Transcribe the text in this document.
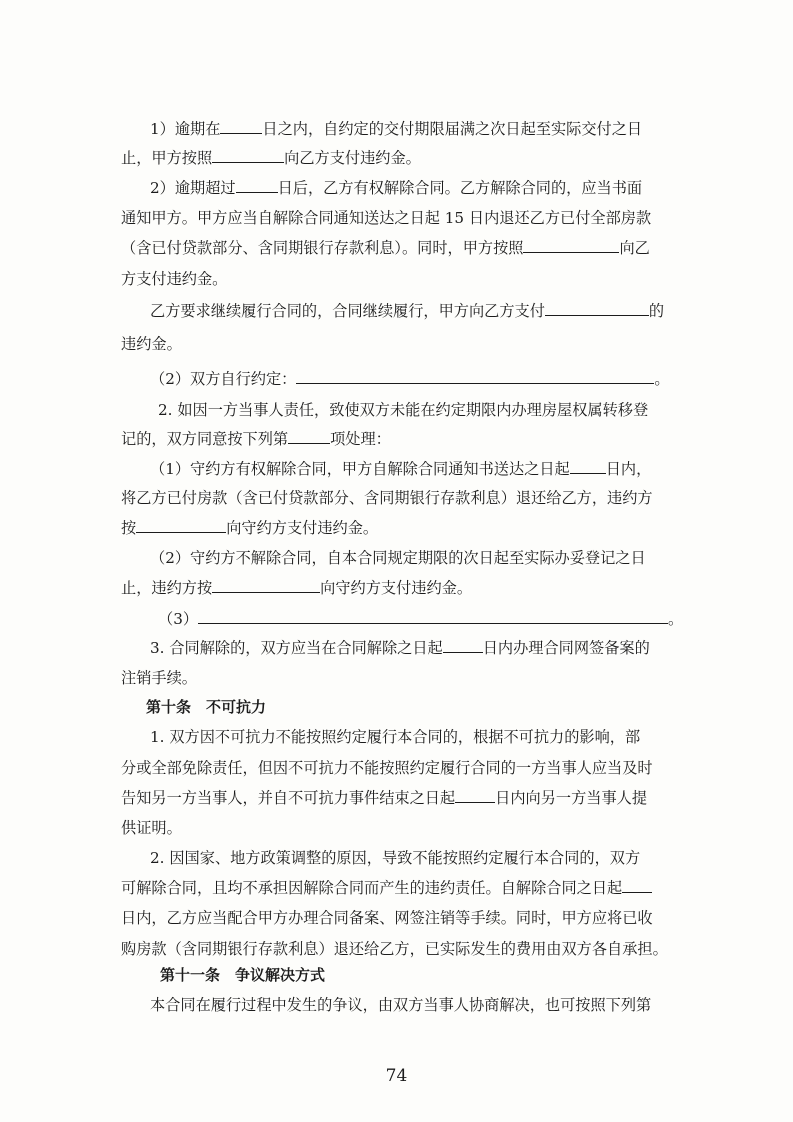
1）逾期在	日之内，自约定的交付期限届满之次日起至实际交付之日
止，甲方按照	向乙方支付违约金。
2）逾期超过	日后，乙方有权解除合同。乙方解除合同的，应当书面
通知甲方。甲方应当自解除合同通知送达之日起 15 日内退还乙方已付全部房款
（含已付贷款部分、含同期银行存款利息）。同时，甲方按照	向乙
方支付违约金。
乙方要求继续履行合同的，合同继续履行，甲方向乙方支付	的
违约金。
（2）双方自行约定：	。
2. 如因一方当事人责任，致使双方未能在约定期限内办理房屋权属转移登
记的，双方同意按下列第	项处理：
（1）守约方有权解除合同，甲方自解除合同通知书送达之日起 日内，
将乙方已付房款（含已付贷款部分、含同期银行存款利息）退还给乙方，违约方
按	向守约方支付违约金。
（2）守约方不解除合同，自本合同规定期限的次日起至实际办妥登记之日
止，违约方按	向守约方支付违约金。
（3）	。
3. 合同解除的，双方应当在合同解除之日起	日内办理合同网签备案的
注销手续。
第十条　不可抗力
1. 双方因不可抗力不能按照约定履行本合同的，根据不可抗力的影响，部
分或全部免除责任，但因不可抗力不能按照约定履行合同的一方当事人应当及时
告知另一方当事人，并自不可抗力事件结束之日起	日内向另一方当事人提
供证明。
2. 因国家、地方政策调整的原因，导致不能按照约定履行本合同的，双方
可解除合同，且均不承担因解除合同而产生的违约责任。自解除合同之日起
日内，乙方应当配合甲方办理合同备案、网签注销等手续。同时，甲方应将已收
购房款（含同期银行存款利息）退还给乙方，已实际发生的费用由双方各自承担。
第十一条　争议解决方式
本合同在履行过程中发生的争议，由双方当事人协商解决，也可按照下列第
74
